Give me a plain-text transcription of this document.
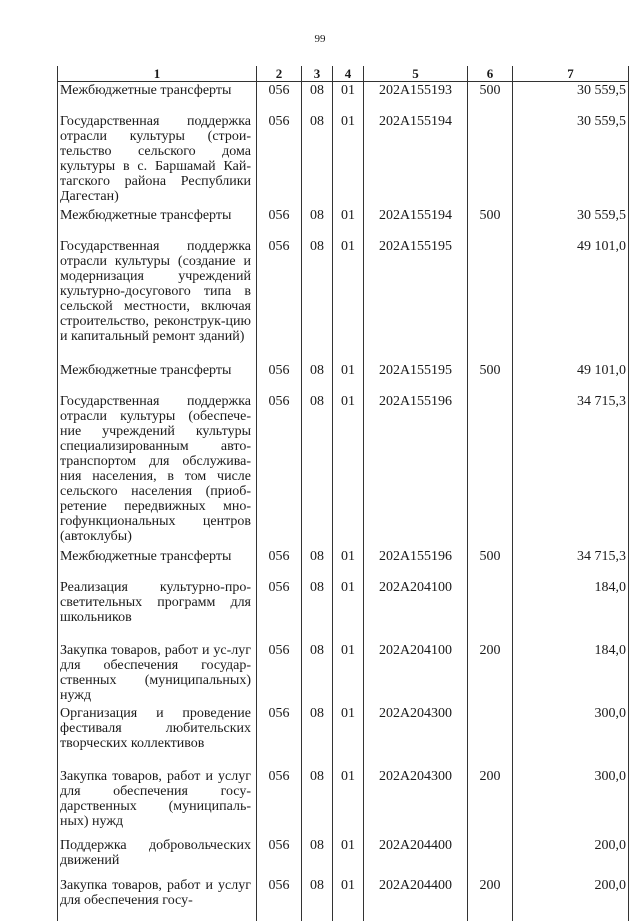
99
1	2	3	4	5	6	7
Межбюджетные трансферты	056	08	01	202А155193	500	30 559,5
Государственная поддержка отрасли культуры (строи-тельство сельского дома культуры в с. Баршамай Кай-тагского района Республики Дагестан)	056	08	01	202А155194		30 559,5
Межбюджетные трансферты	056	08	01	202А155194	500	30 559,5
Государственная поддержка отрасли культуры (создание и модернизация учреждений культурно-досугового типа в сельской местности, включая строительство, реконструк-цию и капитальный ремонт зданий)	056	08	01	202А155195		49 101,0
Межбюджетные трансферты	056	08	01	202А155195	500	49 101,0
Государственная поддержка отрасли культуры (обеспече-ние учреждений культуры специализированным авто-транспортом для обслужива-ния населения, в том числе сельского населения (приоб-ретение передвижных мно-гофункциональных центров (автоклубы)	056	08	01	202А155196		34 715,3
Межбюджетные трансферты	056	08	01	202А155196	500	34 715,3
Реализация культурно-про-светительных программ для школьников	056	08	01	202А204100		184,0
Закупка товаров, работ и ус-луг для обеспечения государ-ственных (муниципальных) нужд	056	08	01	202А204100	200	184,0
Организация и проведение фестиваля любительских творческих коллективов	056	08	01	202А204300		300,0
Закупка товаров, работ и услуг для обеспечения госу-дарственных (муниципаль-ных) нужд	056	08	01	202А204300	200	300,0
Поддержка добровольческих движений	056	08	01	202А204400		200,0
Закупка товаров, работ и услуг для обеспечения госу-	056	08	01	202А204400	200	200,0
